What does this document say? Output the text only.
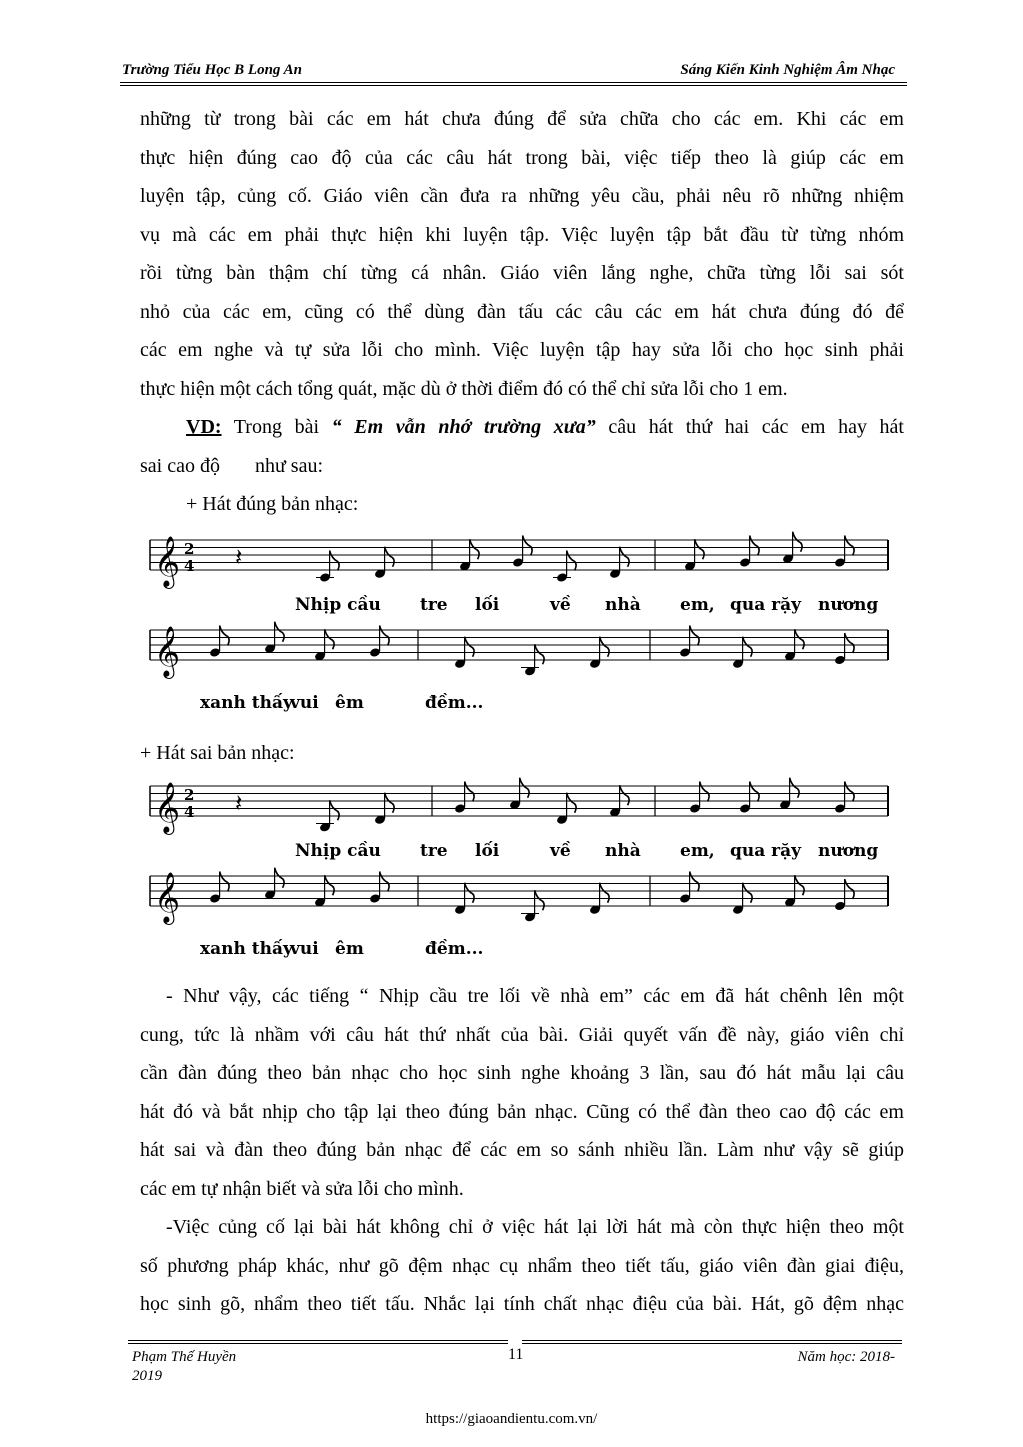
Trường Tiểu Học B Long An	Sáng Kiến Kinh Nghiệm Âm Nhạc
những từ trong bài các em hát chưa đúng để sửa chữa cho các em. Khi các em
thực hiện đúng cao độ của các câu hát trong bài, việc tiếp theo là giúp các em
luyện tập, củng cố. Giáo viên cần đưa ra những yêu cầu, phải nêu rõ những nhiệm
vụ mà các em phải thực hiện khi luyện tập. Việc luyện tập bắt đầu từ từng nhóm
rồi từng bàn thậm chí từng cá nhân. Giáo viên lắng nghe, chữa từng lỗi sai sót
nhỏ của các em, cũng có thể dùng đàn tấu các câu các em hát chưa đúng đó để
các em nghe và tự sửa lỗi cho mình. Việc luyện tập hay sửa lỗi cho học sinh phải
thực hiện một cách tổng quát, mặc dù ở thời điểm đó có thể chỉ sửa lỗi cho 1 em.
VD: Trong bài “ Em vẫn nhớ trường xưa” câu hát thứ hai các em hay hát
sai cao độ       như sau:
+ Hát đúng bản nhạc:
𝄞 2
4 𝄽
𝄞
Nhịp cầu tre lối	về nhà em, qua rặy nương
xanh thấy
vui êm	đềm...
+ Hát sai bản nhạc:
𝄞 2
4 𝄽
𝄞
Nhịp cầu tre lối	về nhà em, qua rặy nương
xanh thấy
vui êm	đềm...
- Như vậy, các tiếng “ Nhịp cầu tre lối về nhà em” các em đã hát chênh lên một
cung, tức là nhầm với câu hát thứ nhất của bài. Giải quyết vấn đề này, giáo viên chỉ
cần đàn đúng theo bản nhạc cho học sinh nghe khoảng 3 lần, sau đó hát mẫu lại câu
hát đó và bắt nhịp cho tập lại theo đúng bản nhạc. Cũng có thể đàn theo cao độ các em
hát sai và đàn theo đúng bản nhạc để các em so sánh nhiều lần. Làm như vậy sẽ giúp
các em tự nhận biết và sửa lỗi cho mình.
-Việc củng cố lại bài hát không chỉ ở việc hát lại lời hát mà còn thực hiện theo một
số phương pháp khác, như gõ đệm nhạc cụ nhẩm theo tiết tấu, giáo viên đàn giai điệu,
học sinh gõ, nhẩm theo tiết tấu. Nhắc lại tính chất nhạc điệu của bài. Hát, gõ đệm nhạc
Phạm Thế Huyền	11	Năm học: 2018-
2019
https://giaoandientu.com.vn/
